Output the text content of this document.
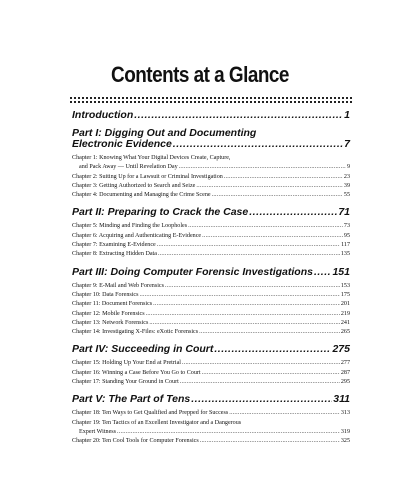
Contents at a Glance
Introduction .....	1
Part I: Digging Out and Documenting
Electronic Evidence .....	7
Chapter 1: Knowing What Your Digital Devices Create, Capture,
and Pack Away — Until Revelation Day .....	9
Chapter 2: Suiting Up for a Lawsuit or Criminal Investigation .....	23
Chapter 3: Getting Authorized to Search and Seize .....	39
Chapter 4: Documenting and Managing the Crime Scene .....	55
Part II: Preparing to Crack the Case .....	71
Chapter 5: Minding and Finding the Loopholes .....	73
Chapter 6: Acquiring and Authenticating E-Evidence .....	95
Chapter 7: Examining E-Evidence .....	117
Chapter 8: Extracting Hidden Data .....	135
Part III: Doing Computer Forensic Investigations ..... 151
Chapter 9: E-Mail and Web Forensics .....	153
Chapter 10: Data Forensics .....	175
Chapter 11: Document Forensics .....	201
Chapter 12: Mobile Forensics .....	219
Chapter 13: Network Forensics .....	241
Chapter 14: Investigating X-Files: eXotic Forensics .....	265
Part IV: Succeeding in Court .....	275
Chapter 15: Holding Up Your End at Pretrial .....	277
Chapter 16: Winning a Case Before You Go to Court .....	287
Chapter 17: Standing Your Ground in Court .....	295
Part V: The Part of Tens .....	311
Chapter 18: Ten Ways to Get Qualified and Prepped for Success .....	313
Chapter 19: Ten Tactics of an Excellent Investigator and a Dangerous
Expert Witness .....	319
Chapter 20: Ten Cool Tools for Computer Forensics .....	325
